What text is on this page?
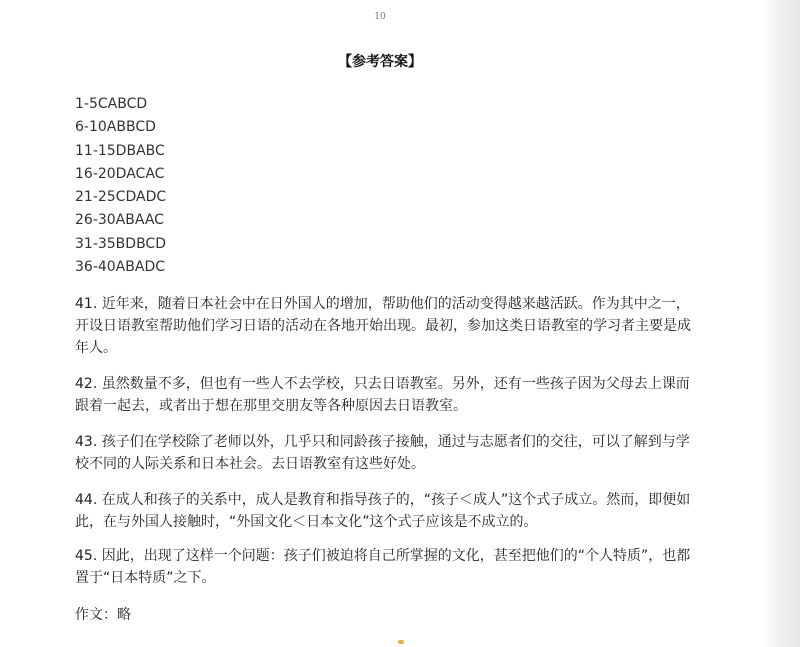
10
【参考答案】
1-5CABCD
6-10ABBCD
11-15DBABC
16-20DACAC
21-25CDADC
26-30ABAAC
31-35BDBCD
36-40ABADC

41. 近年来，随着日本社会中在日外国人的增加，帮助他们的活动变得越来越活跃。作为其中之一，开设日语教室帮助他们学习日语的活动在各地开始出现。最初，参加这类日语教室的学习者主要是成年人。

42. 虽然数量不多，但也有一些人不去学校，只去日语教室。另外，还有一些孩子因为父母去上课而跟着一起去，或者出于想在那里交朋友等各种原因去日语教室。

43. 孩子们在学校除了老师以外，几乎只和同龄孩子接触，通过与志愿者们的交往，可以了解到与学校不同的人际关系和日本社会。去日语教室有这些好处。

44. 在成人和孩子的关系中，成人是教育和指导孩子的，“孩子＜成人”这个式子成立。然而，即便如此，在与外国人接触时，“外国文化＜日本文化”这个式子应该是不成立的。

45. 因此，出现了这样一个问题：孩子们被迫将自己所掌握的文化，甚至把他们的“个人特质”，也都置于“日本特质”之下。

作文：略
